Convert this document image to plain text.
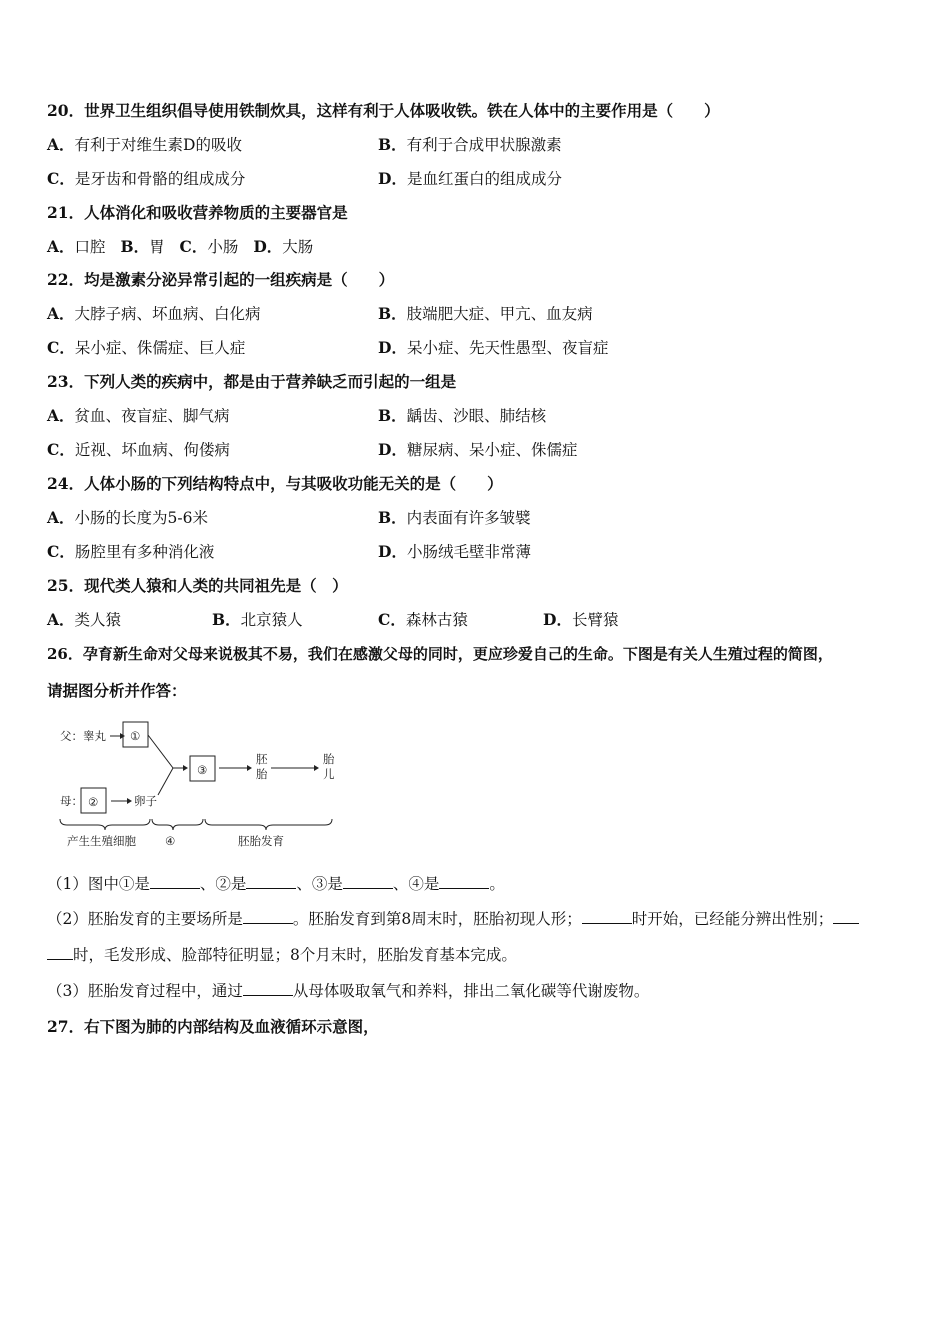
20．世界卫生组织倡导使用铁制炊具，这样有利于人体吸收铁。铁在人体中的主要作用是（　　）
A．有利于对维生素D的吸收	B．有利于合成甲状腺激素
C．是牙齿和骨骼的组成成分	D．是血红蛋白的组成成分
21．人体消化和吸收营养物质的主要器官是
A．口腔 B．胃 C．小肠 D．大肠
22．均是激素分泌异常引起的一组疾病是（　　）
A．大脖子病、坏血病、白化病	B．肢端肥大症、甲亢、血友病
C．呆小症、侏儒症、巨人症	D．呆小症、先天性愚型、夜盲症
23．下列人类的疾病中，都是由于营养缺乏而引起的一组是
A．贫血、夜盲症、脚气病	B．龋齿、沙眼、肺结核
C．近视、坏血病、佝偻病	D．糖尿病、呆小症、侏儒症
24．人体小肠的下列结构特点中，与其吸收功能无关的是（　　）
A．小肠的长度为5-6米	B．内表面有许多皱襞
C．肠腔里有多种消化液	D．小肠绒毛壁非常薄
25．现代类人猿和人类的共同祖先是（　）
A．类人猿	B．北京猿人	C．森林古猿	D．长臂猿
26．孕育新生命对父母来说极其不易，我们在感激父母的同时，更应珍爱自己的生命。下图是有关人生殖过程的简图，
请据图分析并作答：
父：睾丸 ①
母： ②	卵子
③
胚
胎
胎
儿
产生生殖细胞	④	胚胎发育
（1）图中①是	、②是	、③是	、④是	。
（2）胚胎发育的主要场所是	。胚胎发育到第8周末时，胚胎初现人形；	时开始，已经能分辨出性别；
时，毛发形成、脸部特征明显；8个月末时，胚胎发育基本完成。
（3）胚胎发育过程中，通过	从母体吸取氧气和养料，排出二氧化碳等代谢废物。
27．右下图为肺的内部结构及血液循环示意图，
